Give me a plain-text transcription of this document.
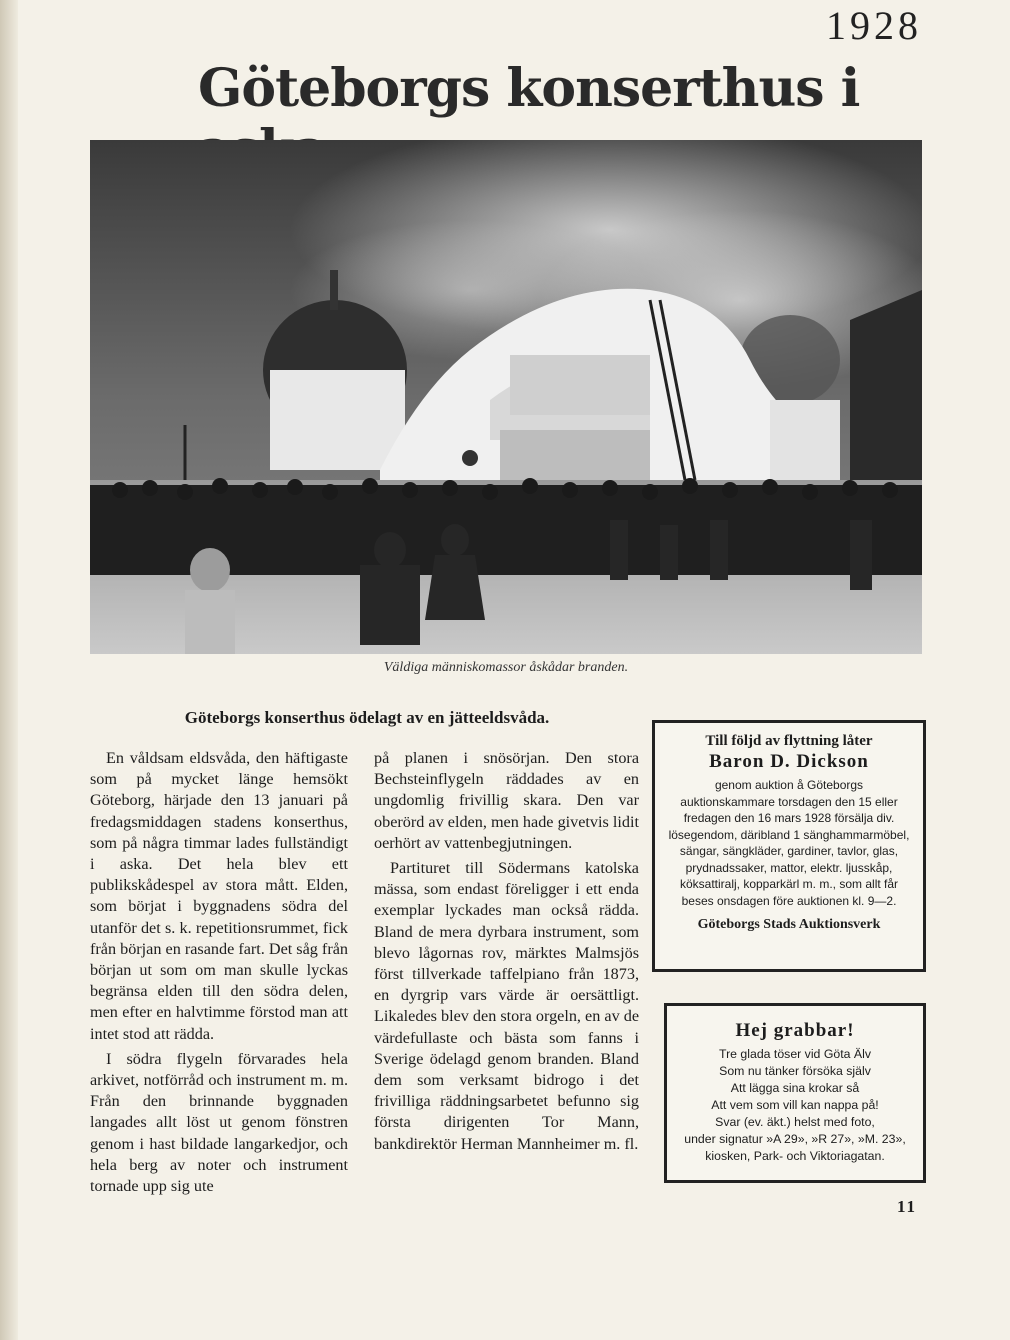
1928
Göteborgs konserthus i
Väldiga människomassor åskådar branden.
Göteborgs konserthus ödelagt av en jätteeldsvåda.

En våldsam eldsvåda, den häftigaste som på mycket länge hemsökt Göteborg, härjade den 13 januari på fredagsmiddagen stadens konserthus, som på några timmar lades fullständigt i aska. Det hela blev ett publikskådespel av stora mått. Elden, som börjat i byggnadens södra del utanför det s. k. repetitionsrummet, fick från början en rasande fart. Det såg från början ut som om man skulle lyckas begränsa elden till den södra delen, men efter en halvtimme förstod man att intet stod att rädda.

I södra flygeln förvarades hela arkivet, notförråd och instrument m. m. Från den brinnande byggnaden langades allt löst ut genom fönstren genom i hast bildade langarkedjor, och hela berg av noter och instrument tornade upp sig ute

på planen i snösörjan. Den stora Bechsteinflygeln räddades av en ungdomlig frivillig skara. Den var oberörd av elden, men hade givetvis lidit oerhört av vattenbegjutningen.

Partituret till Södermans katolska mässa, som endast föreligger i ett enda exemplar lyckades man också rädda. Bland de mera dyrbara instrument, som blevo lågornas rov, märktes Malmsjös först tillverkade taffelpiano från 1873, en dyrgrip vars värde är oersättligt. Likaledes blev den stora orgeln, en av de värdefullaste och bästa som fanns i Sverige ödelagd genom branden. Bland dem som verksamt bidrogo i det frivilliga räddningsarbetet befunno sig första dirigenten Tor Mann, bankdirektör Herman Mannheimer m. fl.

Till följd av flyttning låter
Baron D. Dickson
genom auktion å Göteborgs auktionskammare torsdagen den 15 eller fredagen den 16 mars 1928 försälja div. lösegendom, däribland 1 sänghammarmöbel, sängar, sängkläder, gardiner, tavlor, glas, prydnadssaker, mattor, elektr. ljusskåp, köksattiralj, kopparkärl m. m., som allt får beses onsdagen före auktionen kl. 9—2.
Göteborgs Stads Auktionsverk
Hej grabbar!
Tre glada töser vid Göta Älv
Som nu tänker försöka själv
Att lägga sina krokar så
Att vem som vill kan nappa på!
Svar (ev. äkt.) helst med foto,
under signatur »A 29», »R 27», »M. 23»,
kiosken, Park- och Viktoriagatan.
11
